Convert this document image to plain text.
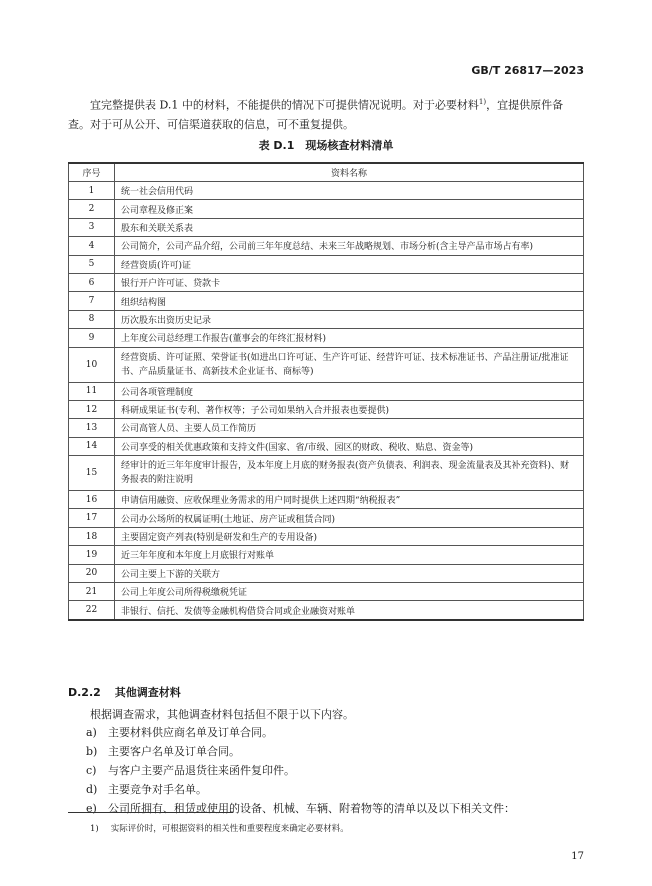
GB/T 26817—2023

宜完整提供表 D.1 中的材料，不能提供的情况下可提供情况说明。对于必要材料$^{1)}$，宜提供原件备查。对于可从公开、可信渠道获取的信息，可不重复提供。

表 D.1　现场核查材料清单
序号	资料名称
1	统一社会信用代码
2	公司章程及修正案
3	股东和关联关系表
4	公司简介，公司产品介绍，公司前三年年度总结、未来三年战略规划、市场分析(含主导产品市场占有率)
5	经营资质(许可)证
6	银行开户许可证、贷款卡
7	组织结构图
8	历次股东出资历史记录
9	上年度公司总经理工作报告(董事会的年终汇报材料)
10	经营资质、许可证照、荣誉证书(如进出口许可证、生产许可证、经营许可证、技术标准证书、产品注册证/批准证书、产品质量证书、高新技术企业证书、商标等)
11	公司各项管理制度
12	科研成果证书(专利、著作权等；子公司如果纳入合并报表也要提供)
13	公司高管人员、主要人员工作简历
14	公司享受的相关优惠政策和支持文件(国家、省/市级、园区的财政、税收、贴息、资金等)
15	经审计的近三年年度审计报告，及本年度上月底的财务报表(资产负债表、利润表、现金流量表及其补充资料)、财务报表的附注说明
16	申请信用融资、应收保理业务需求的用户同时提供上述四期“纳税报表”
17	公司办公场所的权属证明(土地证、房产证或租赁合同)
18	主要固定资产列表(特别是研发和生产的专用设备)
19	近三年年度和本年度上月底银行对账单
20	公司主要上下游的关联方
21	公司上年度公司所得税缴税凭证
22	非银行、信托、发债等金融机构借贷合同或企业融资对账单
D.2.2 其他调查材料

根据调查需求，其他调查材料包括但不限于以下内容。

a) 主要材料供应商名单及订单合同。
b) 主要客户名单及订单合同。
c) 与客户主要产品退货往来函件复印件。
d) 主要竞争对手名单。
e) 公司所拥有、租赁或使用的设备、机械、车辆、附着物等的清单以及以下相关文件：
1) 实际评价时，可根据资料的相关性和重要程度来确定必要材料。
17
